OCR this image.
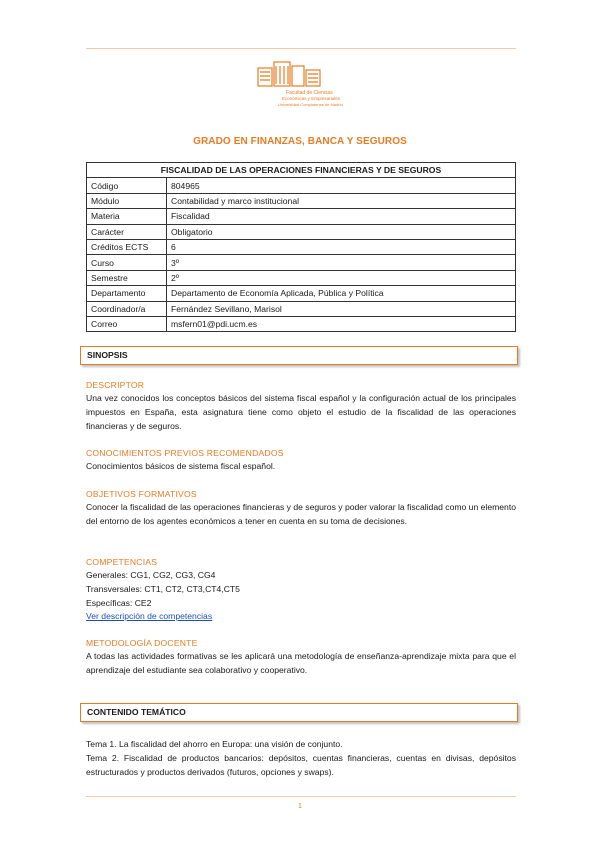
Facultad de Ciencias
Económicas y Empresariales
Universidad Complutense de Madrid
GRADO EN FINANZAS, BANCA Y SEGUROS
FISCALIDAD DE LAS OPERACIONES FINANCIERAS Y DE SEGUROS	
Código	804965
Módulo	Contabilidad y marco institucional
Materia	Fiscalidad
Carácter	Obligatorio
Créditos ECTS	6
Curso	3º
Semestre	2º
Departamento	Departamento de Economía Aplicada, Pública y Política
Coordinador/a	Fernández Sevillano, Marisol
Correo	msfern01@pdi.ucm.es
SINOPSIS
DESCRIPTOR
Una vez conocidos los conceptos básicos del sistema fiscal español y la configuración actual de los principales impuestos en España, esta asignatura tiene como objeto el estudio de la fiscalidad de las operaciones financieras y de seguros.
CONOCIMIENTOS PREVIOS RECOMENDADOS
Conocimientos básicos de sistema fiscal español.
OBJETIVOS FORMATIVOS
Conocer la fiscalidad de las operaciones financieras y de seguros y poder valorar la fiscalidad como un elemento del entorno de los agentes económicos a tener en cuenta en su toma de decisiones.
COMPETENCIAS
Generales: CG1, CG2, CG3, CG4
Transversales: CT1, CT2, CT3,CT4,CT5
Específicas: CE2
Ver descripción de competencias
METODOLOGÍA DOCENTE
A todas las actividades formativas se les aplicará una metodología de enseñanza-aprendizaje mixta para que el aprendizaje del estudiante sea colaborativo y cooperativo.
CONTENIDO TEMÁTICO
Tema 1. La fiscalidad del ahorro en Europa: una visión de conjunto.
Tema 2. Fiscalidad de productos bancarios: depósitos, cuentas financieras, cuentas en divisas, depósitos estructurados y productos derivados (futuros, opciones y swaps).
1
